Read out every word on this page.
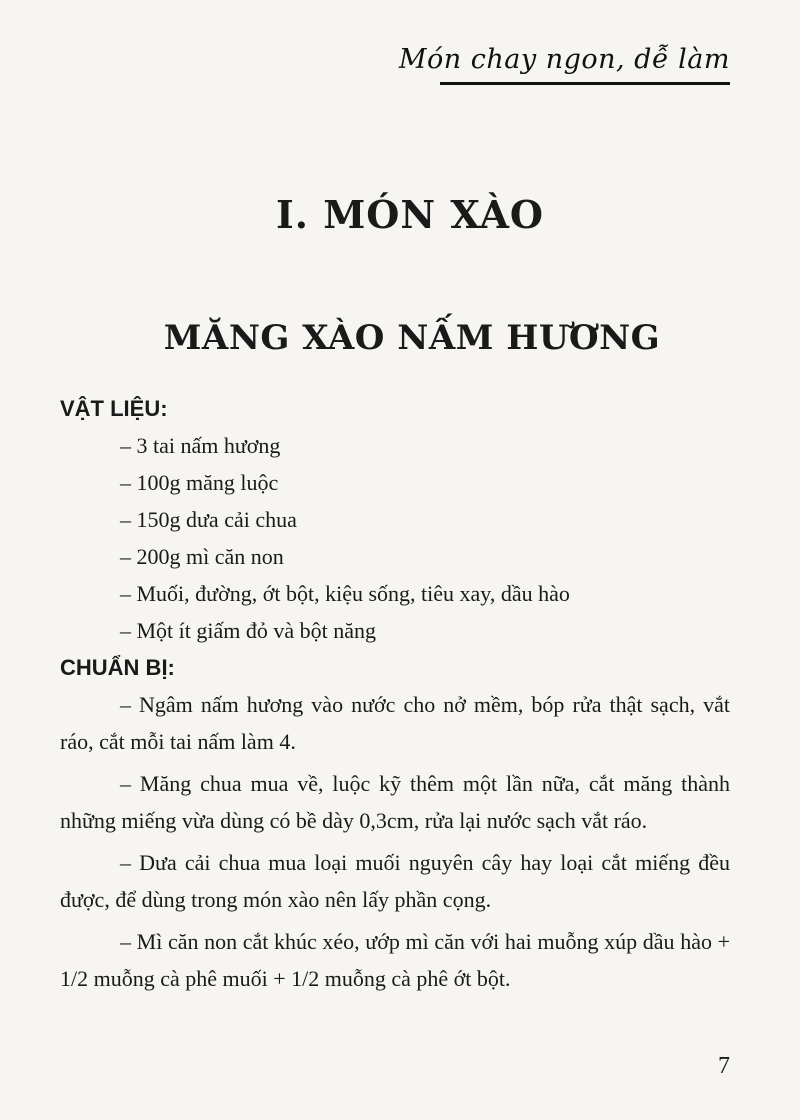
Món chay ngon, dễ làm
I. MÓN XÀO
MĂNG XÀO NẤM HƯƠNG

VẬT LIỆU:

– 3 tai nấm hương
– 100g măng luộc
– 150g dưa cải chua
– 200g mì căn non
– Muối, đường, ớt bột, kiệu sống, tiêu xay, dầu hào
– Một ít giấm đỏ và bột năng

CHUẨN BỊ:

– Ngâm nấm hương vào nước cho nở mềm, bóp rửa thật sạch, vắt ráo, cắt mỗi tai nấm làm 4.

– Măng chua mua về, luộc kỹ thêm một lần nữa, cắt măng thành những miếng vừa dùng có bề dày 0,3cm, rửa lại nước sạch vắt ráo.

– Dưa cải chua mua loại muối nguyên cây hay loại cắt miếng đều được, để dùng trong món xào nên lấy phần cọng.

– Mì căn non cắt khúc xéo, ướp mì căn với hai muỗng xúp dầu hào + 1/2 muỗng cà phê muối + 1/2 muỗng cà phê ớt bột.

7
